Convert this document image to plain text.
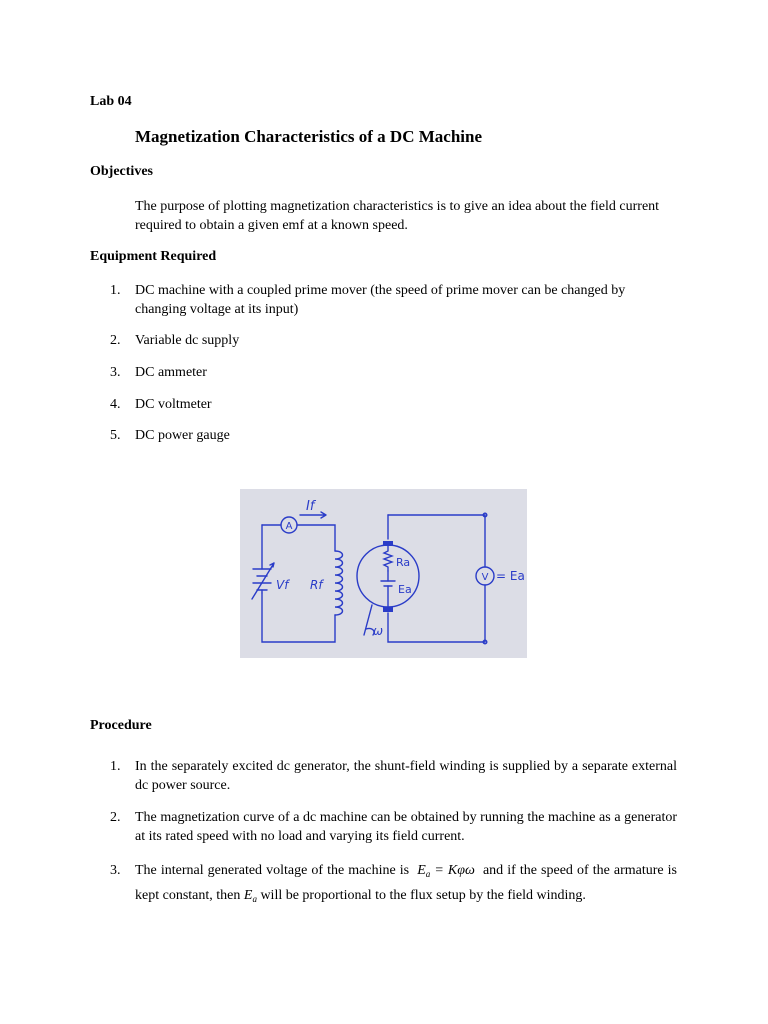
Lab 04
Magnetization Characteristics of a DC Machine
Objectives
The purpose of plotting magnetization characteristics is to give an idea about the field current required to obtain a given emf at a known speed.
Equipment Required
1.	DC machine with a coupled prime mover (the speed of prime mover can be changed by changing voltage at its input)
2.	Variable dc supply
3.	DC ammeter
4.	DC voltmeter
5.	DC power gauge
A
V
If
Vf Rf
Ra
Ea
= Ea
ω
Procedure
1.	In the separately excited dc generator, the shunt-field winding is supplied by a separate external dc power source.
2.	The magnetization curve of a dc machine can be obtained by running the machine as a generator at its rated speed with no load and varying its field current.
3.	The internal generated voltage of the machine is $E_a = K\varphi\omega$ and if the speed of the armature is kept constant, then $E_a$ will be proportional to the flux setup by the field winding.
